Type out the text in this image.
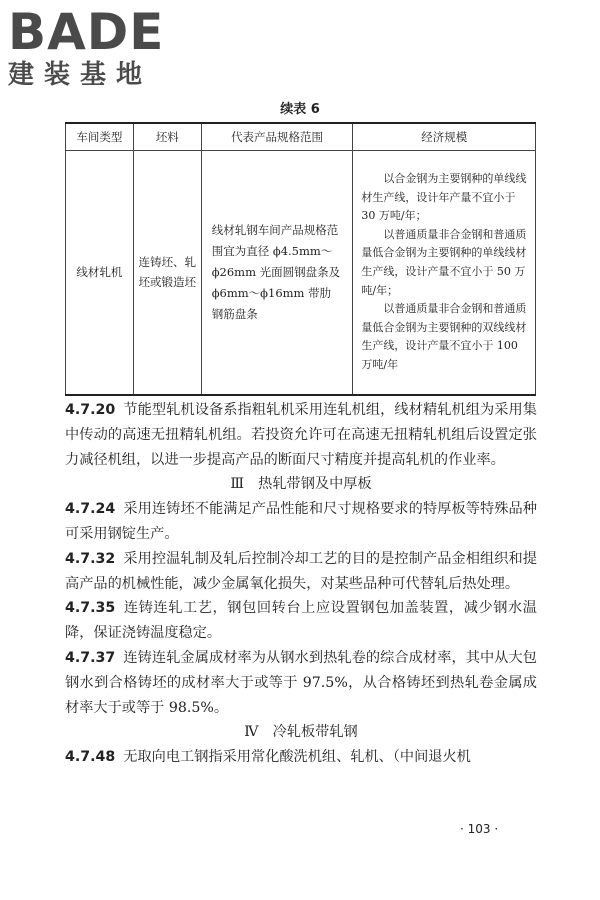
BADE
建装基地
续表 6
车间类型	坯料	代表产品规格范围	经济规模
线材轧机	连铸坯、轧坯或锻造坯	线材轧钢车间产品规格范围宜为直径 ϕ4.5mm～ϕ26mm 光面圆钢盘条及 ϕ6mm～ϕ16mm 带肋钢筋盘条	以合金钢为主要钢种的单线线材生产线，设计年产量不宜小于 30 万吨/年；

以普通质量非合金钢和普通质量低合金钢为主要钢种的单线线材生产线，设计产量不宜小于 50 万吨/年；

以普通质量非合金钢和普通质量低合金钢为主要钢种的双线线材生产线，设计产量不宜小于 100 万吨/年

4.7.20 节能型轧机设备系指粗轧机采用连轧机组，线材精轧机组为采用集中传动的高速无扭精轧机组。若投资允许可在高速无扭精轧机组后设置定张力减径机组，以进一步提高产品的断面尺寸精度并提高轧机的作业率。

Ⅲ　热轧带钢及中厚板

4.7.24 采用连铸坯不能满足产品性能和尺寸规格要求的特厚板等特殊品种可采用钢锭生产。

4.7.32 采用控温轧制及轧后控制冷却工艺的目的是控制产品金相组织和提高产品的机械性能，减少金属氧化损失，对某些品种可代替轧后热处理。

4.7.35 连铸连轧工艺，钢包回转台上应设置钢包加盖装置，减少钢水温降，保证浇铸温度稳定。

4.7.37 连铸连轧金属成材率为从钢水到热轧卷的综合成材率，其中从大包钢水到合格铸坯的成材率大于或等于 97.5%，从合格铸坯到热轧卷金属成材率大于或等于 98.5%。

Ⅳ　冷轧板带轧钢

4.7.48 无取向电工钢指采用常化酸洗机组、轧机、（中间退火机

· 103 ·
